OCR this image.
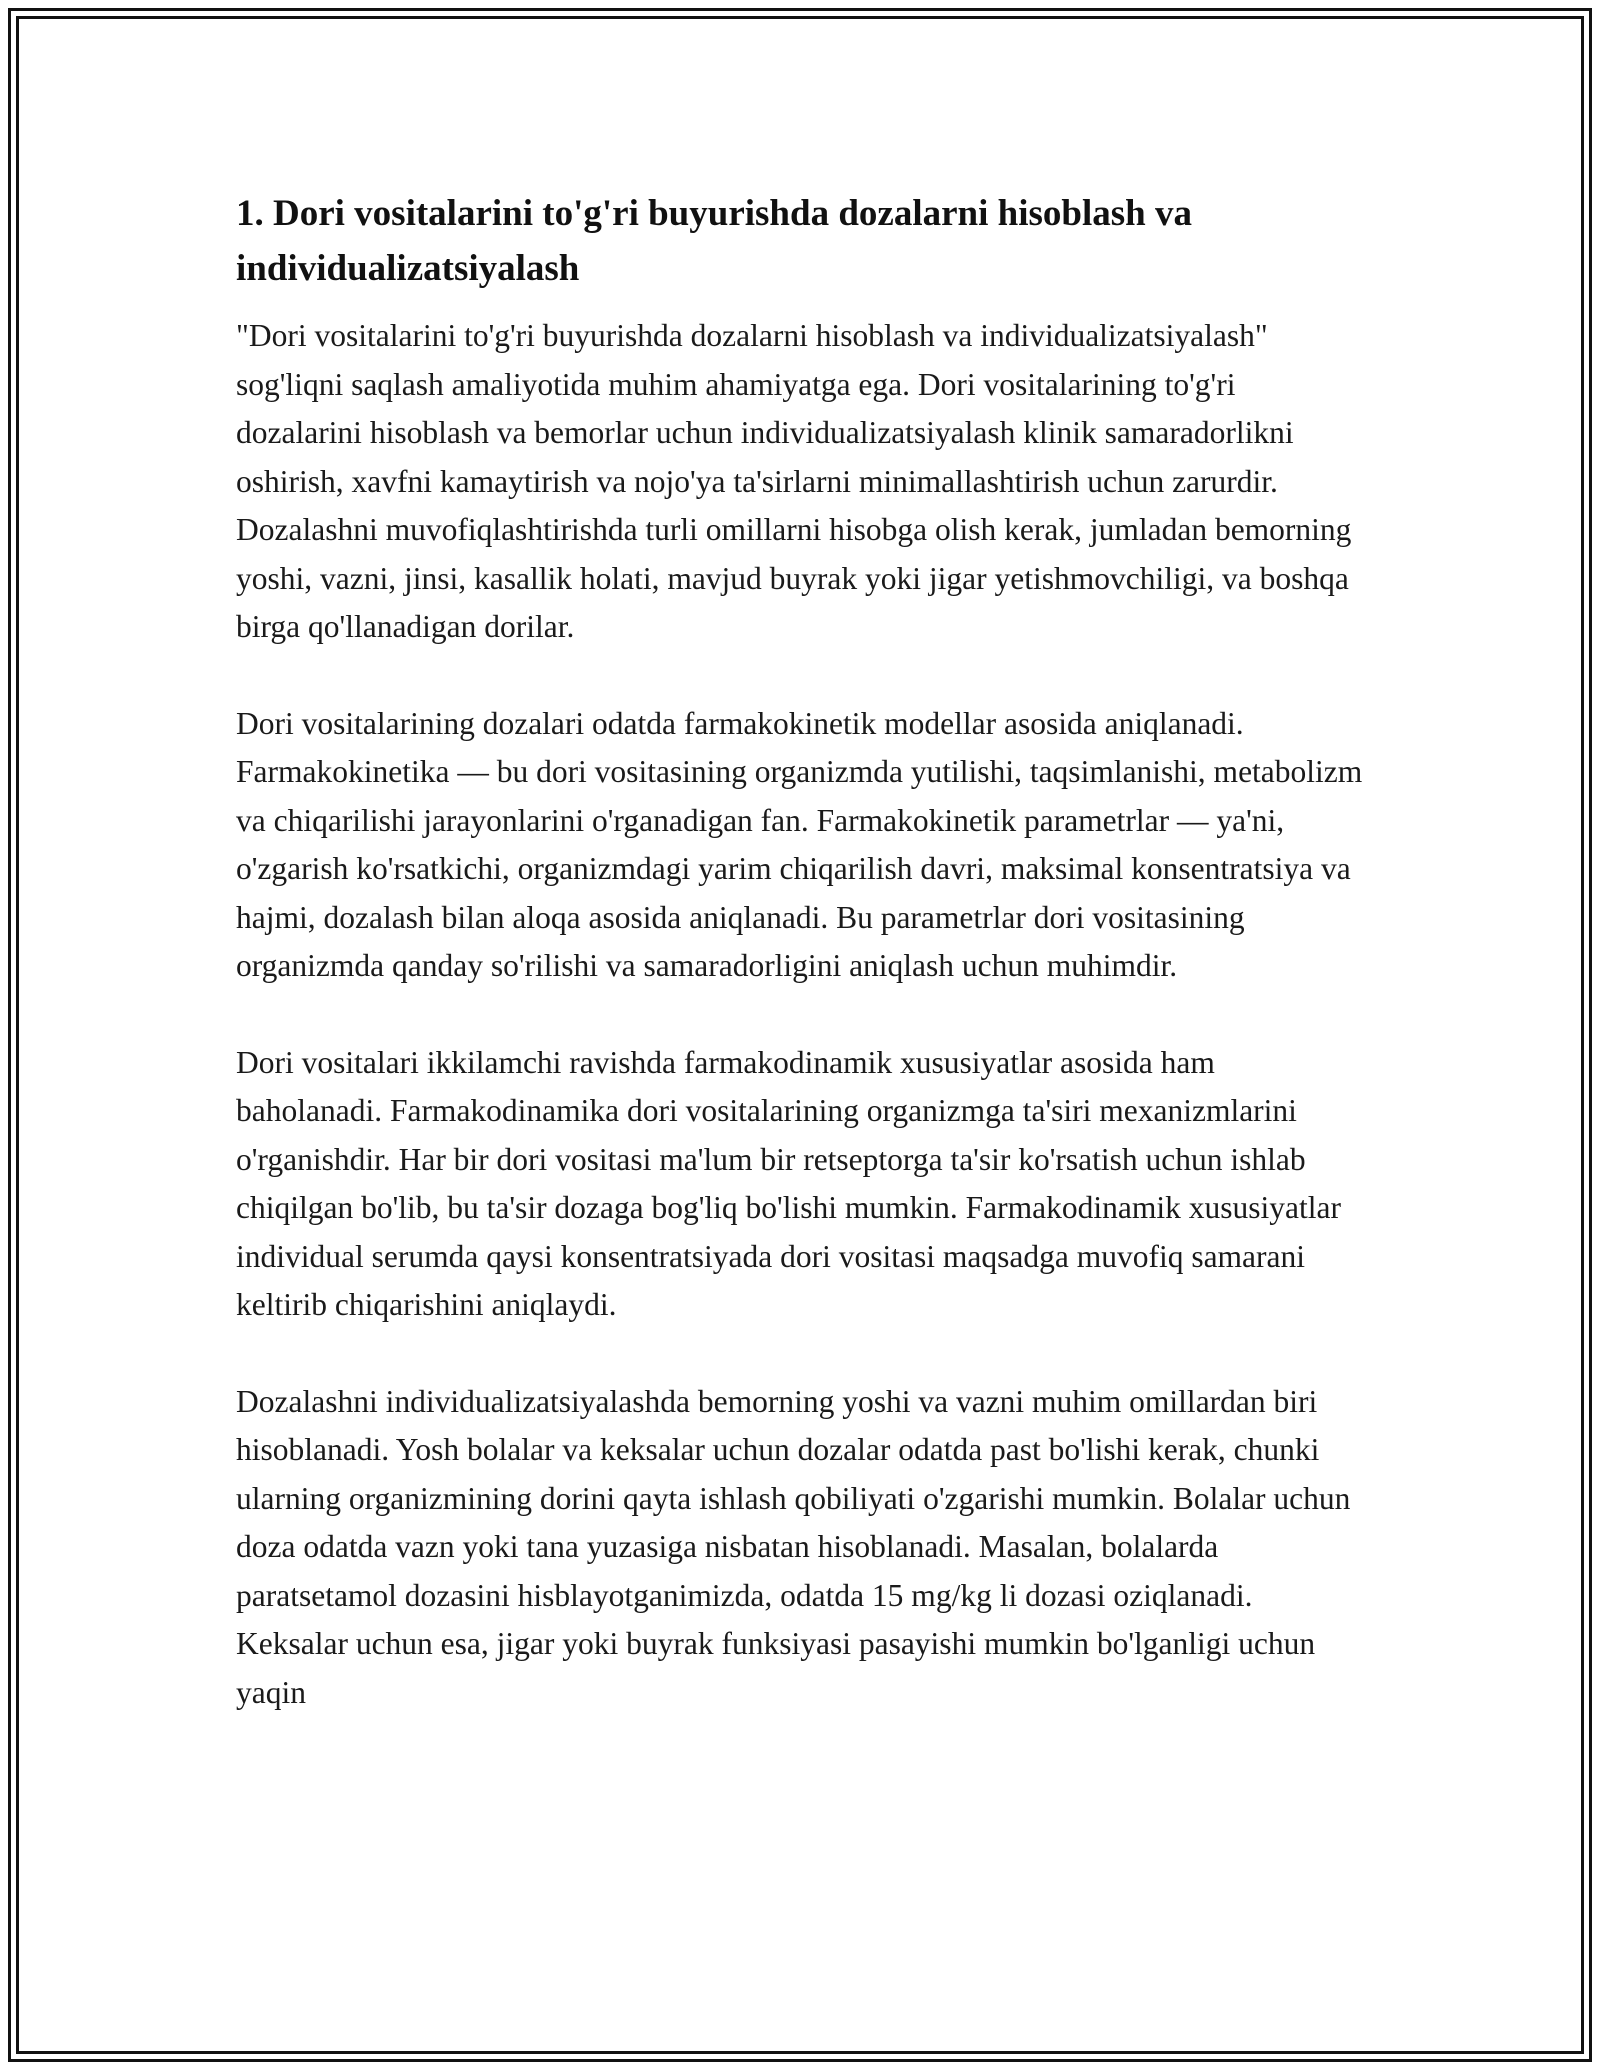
1. Dori vositalarini to'g'ri buyurishda dozalarni hisoblash va individualizatsiyalash

"Dori vositalarini to'g'ri buyurishda dozalarni hisoblash va individualizatsiyalash" sog'liqni saqlash amaliyotida muhim ahamiyatga ega. Dori vositalarining to'g'ri dozalarini hisoblash va bemorlar uchun individualizatsiyalash klinik samaradorlikni oshirish, xavfni kamaytirish va nojo'ya ta'sirlarni minimallashtirish uchun zarurdir. Dozalashni muvofiqlashtirishda turli omillarni hisobga olish kerak, jumladan bemorning yoshi, vazni, jinsi, kasallik holati, mavjud buyrak yoki jigar yetishmovchiligi, va boshqa birga qo'llanadigan dorilar.

Dori vositalarining dozalari odatda farmakokinetik modellar asosida aniqlanadi. Farmakokinetika — bu dori vositasining organizmda yutilishi, taqsimlanishi, metabolizm va chiqarilishi jarayonlarini o'rganadigan fan. Farmakokinetik parametrlar — ya'ni, o'zgarish ko'rsatkichi, organizmdagi yarim chiqarilish davri, maksimal konsentratsiya va hajmi, dozalash bilan aloqa asosida aniqlanadi. Bu parametrlar dori vositasining organizmda qanday so'rilishi va samaradorligini aniqlash uchun muhimdir.

Dori vositalari ikkilamchi ravishda farmakodinamik xususiyatlar asosida ham baholanadi. Farmakodinamika dori vositalarining organizmga ta'siri mexanizmlarini o'rganishdir. Har bir dori vositasi ma'lum bir retseptorga ta'sir ko'rsatish uchun ishlab chiqilgan bo'lib, bu ta'sir dozaga bog'liq bo'lishi mumkin. Farmakodinamik xususiyatlar individual serumda qaysi konsentratsiyada dori vositasi maqsadga muvofiq samarani keltirib chiqarishini aniqlaydi.

Dozalashni individualizatsiyalashda bemorning yoshi va vazni muhim omillardan biri hisoblanadi. Yosh bolalar va keksalar uchun dozalar odatda past bo'lishi kerak, chunki ularning organizmining dorini qayta ishlash qobiliyati o'zgarishi mumkin. Bolalar uchun doza odatda vazn yoki tana yuzasiga nisbatan hisoblanadi. Masalan, bolalarda paratsetamol dozasini hisblayotganimizda, odatda 15 mg/kg li dozasi oziqlanadi. Keksalar uchun esa, jigar yoki buyrak funksiyasi pasayishi mumkin bo'lganligi uchun yaqin
